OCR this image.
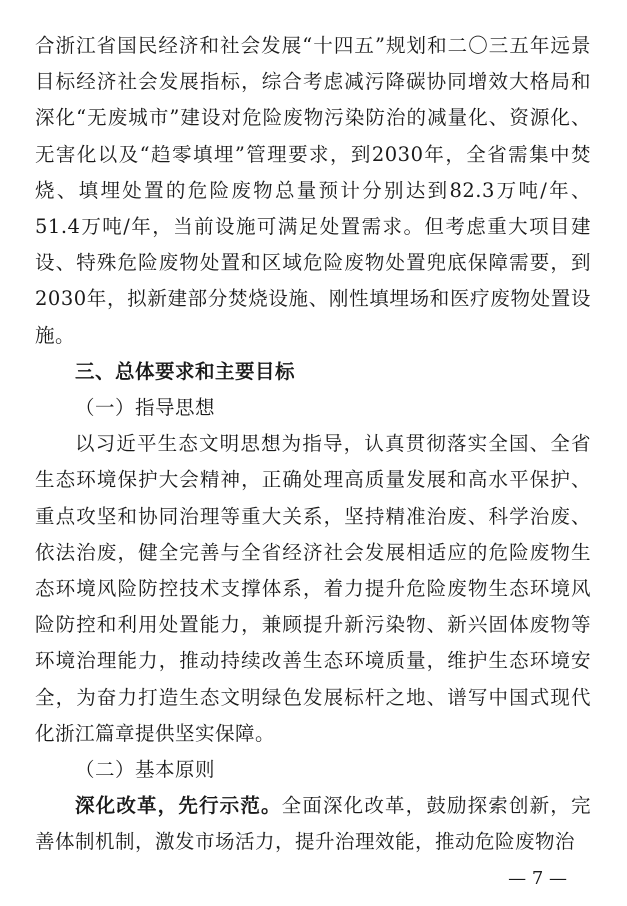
合浙江省国民经济和社会发展“十四五”规划和二〇三五年远景目标经济社会发展指标，综合考虑减污降碳协同增效大格局和深化“无废城市”建设对危险废物污染防治的减量化、资源化、无害化以及“趋零填埋”管理要求，到2030年，全省需集中焚烧、填埋处置的危险废物总量预计分别达到82.3万吨/年、51.4万吨/年，当前设施可满足处置需求。但考虑重大项目建设、特殊危险废物处置和区域危险废物处置兜底保障需要，到2030年，拟新建部分焚烧设施、刚性填埋场和医疗废物处置设施。

三、总体要求和主要目标

（一）指导思想

以习近平生态文明思想为指导，认真贯彻落实全国、全省生态环境保护大会精神，正确处理高质量发展和高水平保护、重点攻坚和协同治理等重大关系，坚持精准治废、科学治废、依法治废，健全完善与全省经济社会发展相适应的危险废物生态环境风险防控技术支撑体系，着力提升危险废物生态环境风险防控和利用处置能力，兼顾提升新污染物、新兴固体废物等环境治理能力，推动持续改善生态环境质量，维护生态环境安全，为奋力打造生态文明绿色发展标杆之地、谱写中国式现代化浙江篇章提供坚实保障。

（二）基本原则

深化改革，先行示范。全面深化改革，鼓励探索创新，完善体制机制，激发市场活力，提升治理效能，推动危险废物治

— 7 —
